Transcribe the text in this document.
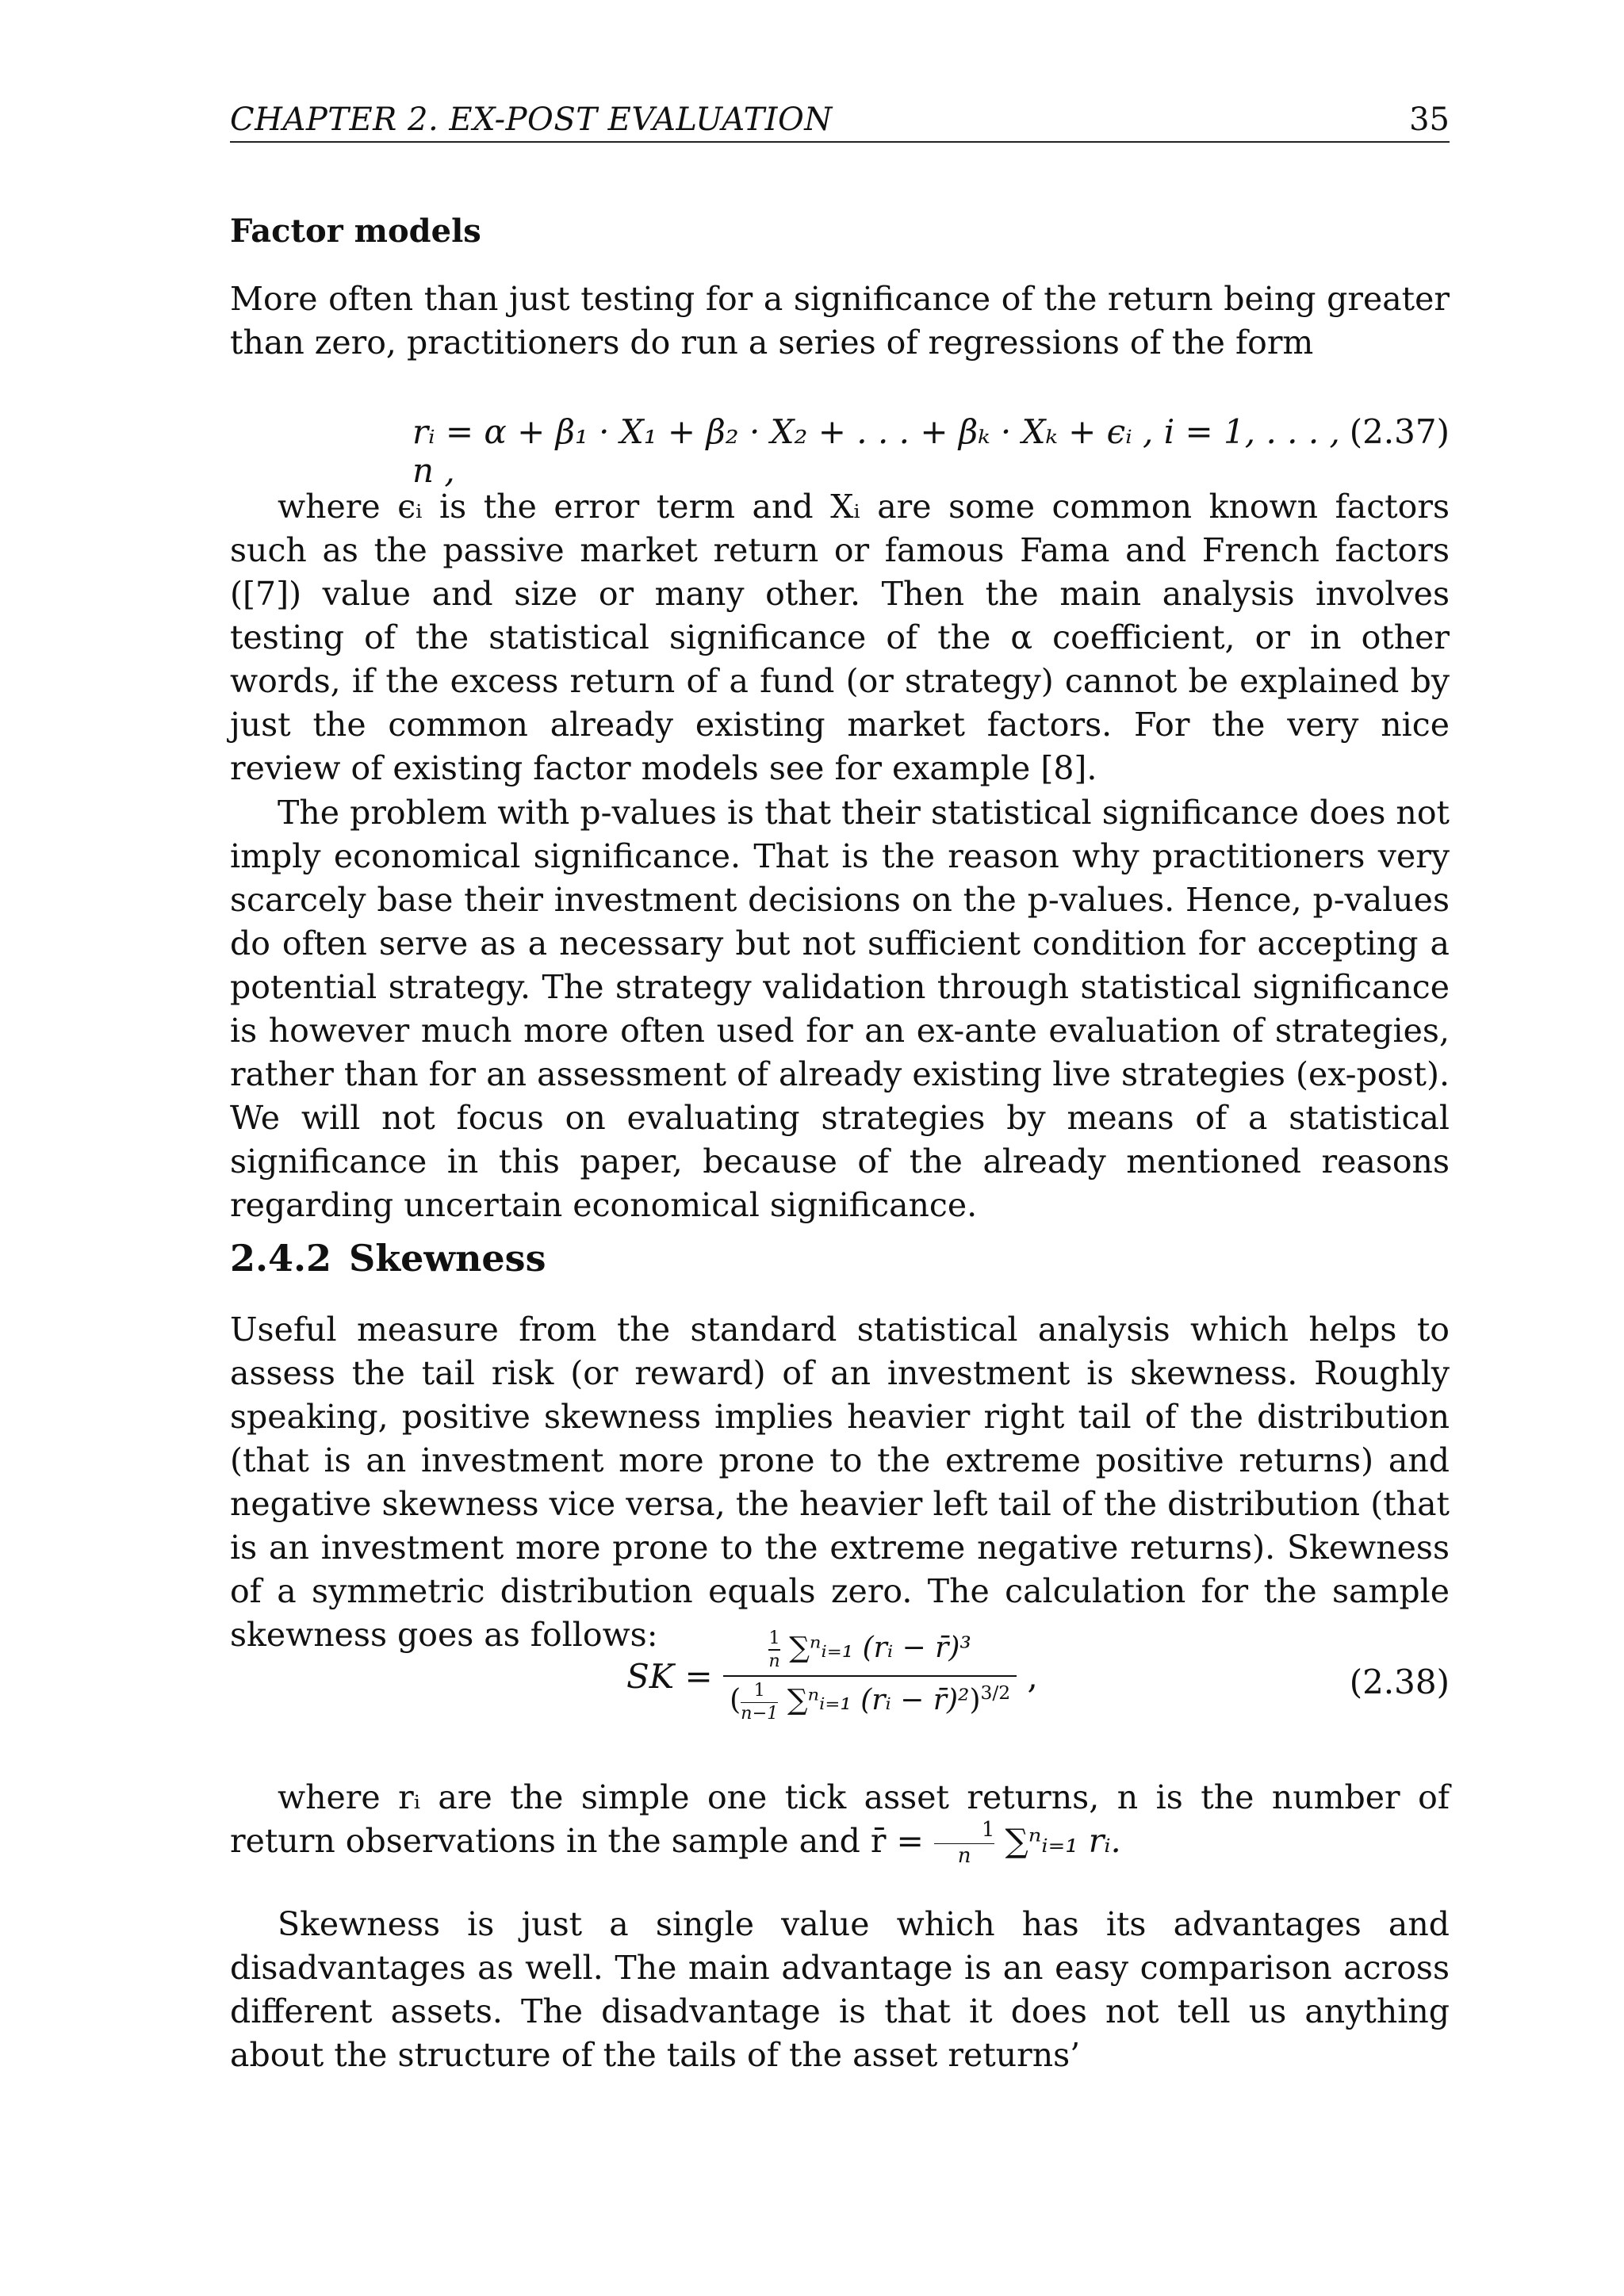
CHAPTER 2. EX-POST EVALUATION	35
Factor models
More often than just testing for a significance of the return being greater than zero, practitioners do run a series of regressions of the form
rᵢ = α + β₁ · X₁ + β₂ · X₂ + . . . + βₖ · Xₖ + ϵᵢ , i = 1, . . . , n ,
(2.37)
where ϵᵢ is the error term and Xᵢ are some common known factors such as the passive market return or famous Fama and French factors ([7]) value and size or many other. Then the main analysis involves testing of the statistical significance of the α coefficient, or in other words, if the excess return of a fund (or strategy) cannot be explained by just the common already existing market factors. For the very nice review of existing factor models see for example [8].
The problem with p-values is that their statistical significance does not imply economical significance. That is the reason why practitioners very scarcely base their investment decisions on the p-values. Hence, p-values do often serve as a necessary but not sufficient condition for accepting a potential strategy. The strategy validation through statistical significance is however much more often used for an ex-ante evaluation of strategies, rather than for an assessment of already existing live strategies (ex-post). We will not focus on evaluating strategies by means of a statistical significance in this paper, because of the already mentioned reasons regarding uncertain economical significance.
2.4.2 Skewness
Useful measure from the standard statistical analysis which helps to assess the tail risk (or reward) of an investment is skewness. Roughly speaking, positive skewness implies heavier right tail of the distribution (that is an investment more prone to the extreme positive returns) and negative skewness vice versa, the heavier left tail of the distribution (that is an investment more prone to the extreme negative returns). Skewness of a symmetric distribution equals zero. The calculation for the sample skewness goes as follows:
SK = $\frac{\frac{1}{n} \sum^nᵢ_{=1} (rᵢ - r̄)^3}{(\frac{1}{n-1} \sum^nᵢ_{=1} (rᵢ - r̄)^2)^{3/2}}$ ,	(2.38)
where rᵢ are the simple one tick asset returns, n is the number of return observations in the sample and r̄ =	1
n ∑ⁿᵢ₌₁ rᵢ.
Skewness is just a single value which has its advantages and disadvantages as well. The main advantage is an easy comparison across different assets. The disadvantage is that it does not tell us anything about the structure of the tails of the asset returns’
